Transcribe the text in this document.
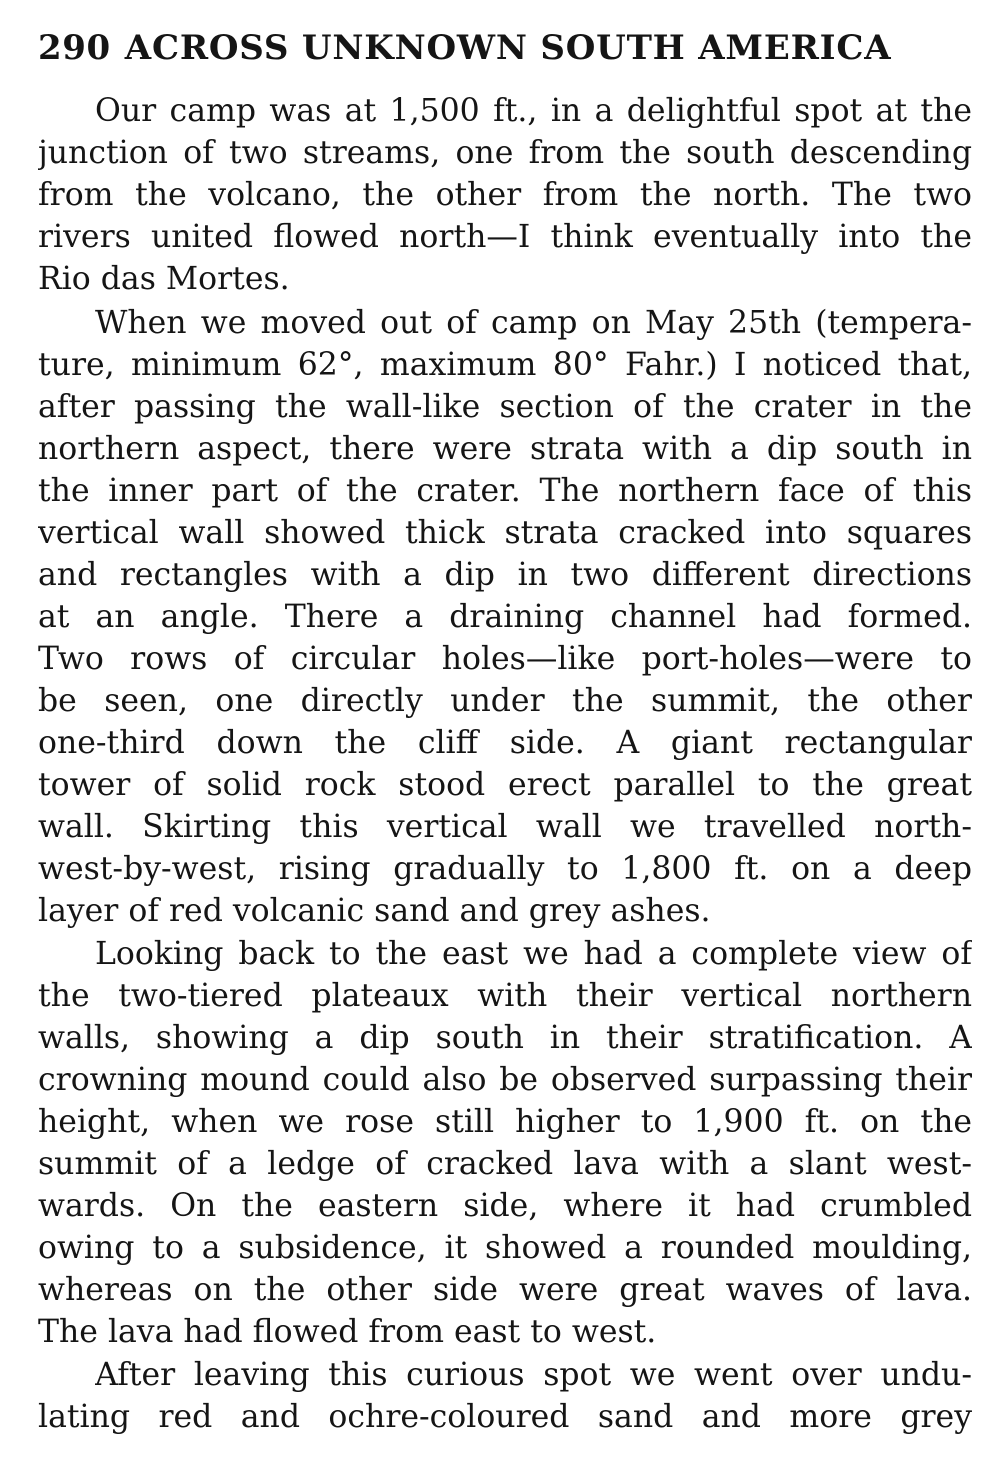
290 ACROSS UNKNOWN SOUTH AMERICA
Our camp was at 1,500 ft., in a delightful spot at the
junction of two streams, one from the south descending
from the volcano, the other from the north. The two
rivers united flowed north—I think eventually into the
Rio das Mortes.
When we moved out of camp on May 25th (tempera-
ture, minimum 62°, maximum 80° Fahr.) I noticed that,
after passing the wall-like section of the crater in the
northern aspect, there were strata with a dip south in
the inner part of the crater. The northern face of this
vertical wall showed thick strata cracked into squares
and rectangles with a dip in two different directions
at an angle. There a draining channel had formed.
Two rows of circular holes—like port-holes—were to
be seen, one directly under the summit, the other
one-third down the cliff side. A giant rectangular
tower of solid rock stood erect parallel to the great
wall. Skirting this vertical wall we travelled north-
west-by-west, rising gradually to 1,800 ft. on a deep
layer of red volcanic sand and grey ashes.
Looking back to the east we had a complete view of
the two-tiered plateaux with their vertical northern
walls, showing a dip south in their stratification. A
crowning mound could also be observed surpassing their
height, when we rose still higher to 1,900 ft. on the
summit of a ledge of cracked lava with a slant west-
wards. On the eastern side, where it had crumbled
owing to a subsidence, it showed a rounded moulding,
whereas on the other side were great waves of lava.
The lava had flowed from east to west.
After leaving this curious spot we went over undu-
lating red and ochre-coloured sand and more grey
